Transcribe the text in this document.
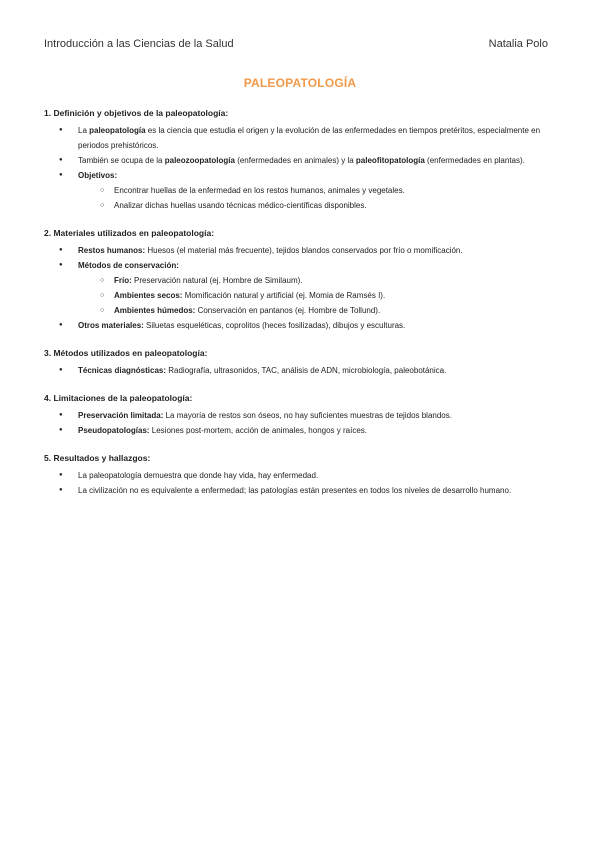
Introducción a las Ciencias de la Salud	Natalia Polo
PALEOPATOLOGÍA
1. Definición y objetivos de la paleopatología:
● La paleopatología es la ciencia que estudia el origen y la evolución de las enfermedades en tiempos pretéritos, especialmente en periodos prehistóricos.
● También se ocupa de la paleozoopatología (enfermedades en animales) y la paleofitopatología (enfermedades en plantas).
● Objetivos:
○ Encontrar huellas de la enfermedad en los restos humanos, animales y vegetales.
○ Analizar dichas huellas usando técnicas médico-científicas disponibles.
2. Materiales utilizados en paleopatología:
● Restos humanos: Huesos (el material más frecuente), tejidos blandos conservados por frío o momificación.
● Métodos de conservación:
○ Frío: Preservación natural (ej. Hombre de Similaum).
○ Ambientes secos: Momificación natural y artificial (ej. Momia de Ramsés I).
○ Ambientes húmedos: Conservación en pantanos (ej. Hombre de Tollund).
● Otros materiales: Siluetas esqueléticas, coprolitos (heces fosilizadas), dibujos y esculturas.
3. Métodos utilizados en paleopatología:
● Técnicas diagnósticas: Radiografía, ultrasonidos, TAC, análisis de ADN, microbiología, paleobotánica.
4. Limitaciones de la paleopatología:
● Preservación limitada: La mayoría de restos son óseos, no hay suficientes muestras de tejidos blandos.
● Pseudopatologías: Lesiones post-mortem, acción de animales, hongos y raíces.
5. Resultados y hallazgos:
● La paleopatología demuestra que donde hay vida, hay enfermedad.
● La civilización no es equivalente a enfermedad; las patologías están presentes en todos los niveles de desarrollo humano.
